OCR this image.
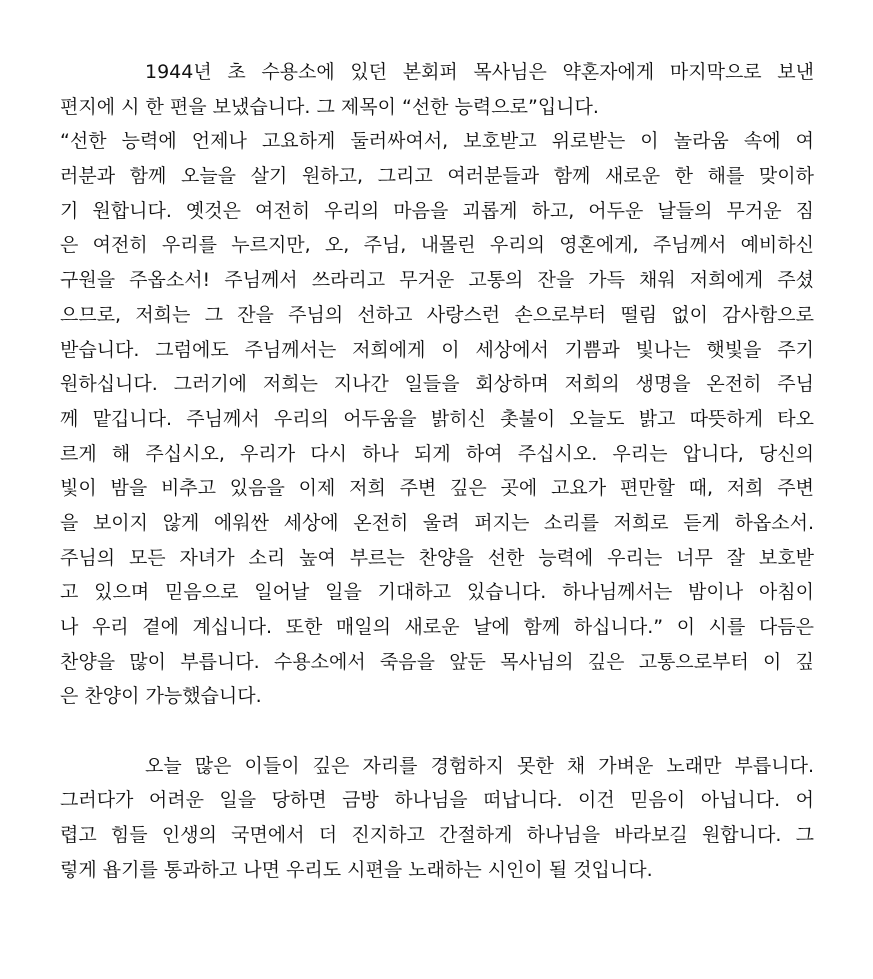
1944년 초 수용소에 있던 본회퍼 목사님은 약혼자에게 마지막으로 보낸
편지에 시 한 편을 보냈습니다. 그 제목이 “선한 능력으로”입니다.
“선한 능력에 언제나 고요하게 둘러싸여서, 보호받고 위로받는 이 놀라움 속에 여
러분과 함께 오늘을 살기 원하고, 그리고 여러분들과 함께 새로운 한 해를 맞이하
기 원합니다. 옛것은 여전히 우리의 마음을 괴롭게 하고, 어두운 날들의 무거운 짐
은 여전히 우리를 누르지만, 오, 주님, 내몰린 우리의 영혼에게, 주님께서 예비하신
구원을 주옵소서! 주님께서 쓰라리고 무거운 고통의 잔을 가득 채워 저희에게 주셨
으므로, 저희는 그 잔을 주님의 선하고 사랑스런 손으로부터 떨림 없이 감사함으로
받습니다. 그럼에도 주님께서는 저희에게 이 세상에서 기쁨과 빛나는 햇빛을 주기
원하십니다. 그러기에 저희는 지나간 일들을 회상하며 저희의 생명을 온전히 주님
께 맡깁니다. 주님께서 우리의 어두움을 밝히신 촛불이 오늘도 밝고 따뜻하게 타오
르게 해 주십시오, 우리가 다시 하나 되게 하여 주십시오. 우리는 압니다, 당신의
빛이 밤을 비추고 있음을 이제 저희 주변 깊은 곳에 고요가 편만할 때, 저희 주변
을 보이지 않게 에워싼 세상에 온전히 울려 퍼지는 소리를 저희로 듣게 하옵소서.
주님의 모든 자녀가 소리 높여 부르는 찬양을 선한 능력에 우리는 너무 잘 보호받
고 있으며 믿음으로 일어날 일을 기대하고 있습니다. 하나님께서는 밤이나 아침이
나 우리 곁에 계십니다. 또한 매일의 새로운 날에 함께 하십니다.” 이 시를 다듬은
찬양을 많이 부릅니다. 수용소에서 죽음을 앞둔 목사님의 깊은 고통으로부터 이 깊
은 찬양이 가능했습니다.
오늘 많은 이들이 깊은 자리를 경험하지 못한 채 가벼운 노래만 부릅니다.
그러다가 어려운 일을 당하면 금방 하나님을 떠납니다. 이건 믿음이 아닙니다. 어
렵고 힘들 인생의 국면에서 더 진지하고 간절하게 하나님을 바라보길 원합니다. 그
렇게 욥기를 통과하고 나면 우리도 시편을 노래하는 시인이 될 것입니다.
